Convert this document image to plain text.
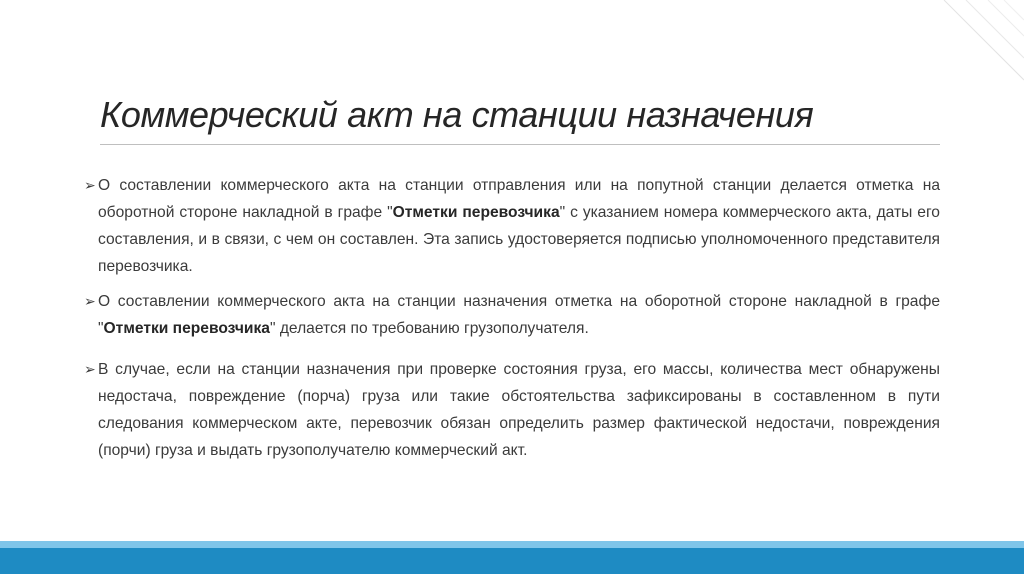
Коммерческий акт на станции назначения
➢ О составлении коммерческого акта на станции отправления или на попутной станции делается отметка на оборотной стороне накладной в графе "Отметки перевозчика" с указанием номера коммерческого акта, даты его составления, и в связи, с чем он составлен. Эта запись удостоверяется подписью уполномоченного представителя перевозчика.
➢ О составлении коммерческого акта на станции назначения отметка на оборотной стороне накладной в графе "Отметки перевозчика" делается по требованию грузополучателя.
➢ В случае, если на станции назначения при проверке состояния груза, его массы, количества мест обнаружены недостача, повреждение (порча) груза или такие обстоятельства зафиксированы в составленном в пути следования коммерческом акте, перевозчик обязан определить размер фактической недостачи, повреждения (порчи) груза и выдать грузополучателю коммерческий акт.
